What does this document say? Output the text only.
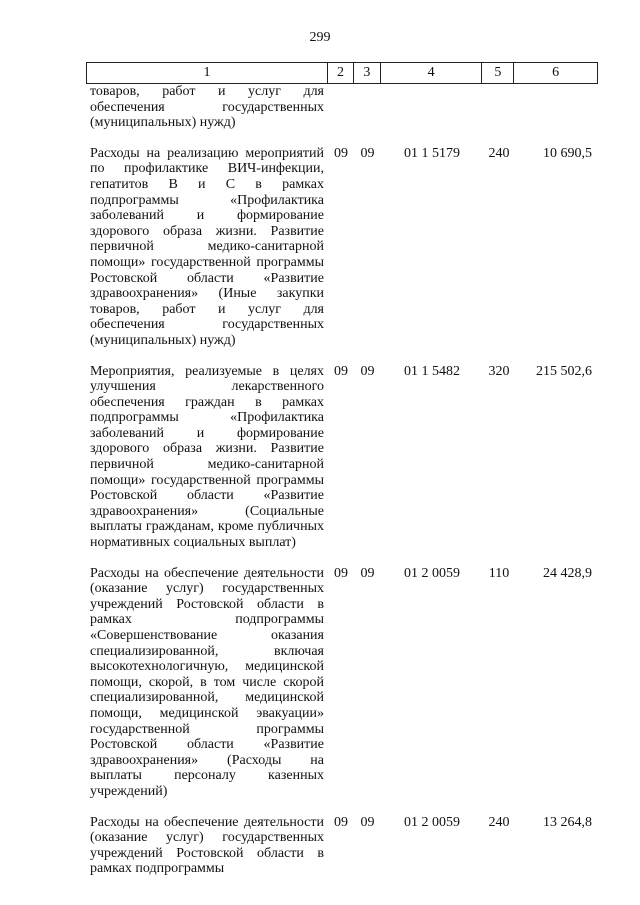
299
1	2	3	4	5	6
товаров, работ и услуг для обеспечения государственных (муниципальных) нужд)
Расходы на реализацию мероприятий по профилактике ВИЧ-инфекции, гепатитов В и С в рамках подпрограммы «Профилактика заболеваний и формирование здорового образа жизни. Развитие первичной медико-санитарной помощи» государственной программы Ростовской области «Развитие здравоохранения» (Иные закупки товаров, работ и услуг для обеспечения государственных (муниципальных) нужд)
09 09	01 1 5179	240	10 690,5
Мероприятия, реализуемые в целях улучшения лекарственного обеспечения граждан в рамках подпрограммы «Профилактика заболеваний и формирование здорового образа жизни. Развитие первичной медико-санитарной помощи» государственной программы Ростовской области «Развитие здравоохранения» (Социальные выплаты гражданам, кроме публичных нормативных социальных выплат)
09 09	01 1 5482	320	215 502,6
Расходы на обеспечение деятельности (оказание услуг) государственных учреждений Ростовской области в рамках подпрограммы «Совершенствование оказания специализированной, включая высокотехнологичную, медицинской помощи, скорой, в том числе скорой специализированной, медицинской помощи, медицинской эвакуации» государственной программы Ростовской области «Развитие здравоохранения» (Расходы на выплаты персоналу казенных учреждений)
09 09	01 2 0059	110	24 428,9
Расходы на обеспечение деятельности (оказание услуг) государственных учреждений Ростовской области в рамках подпрограммы
09 09	01 2 0059	240	13 264,8
